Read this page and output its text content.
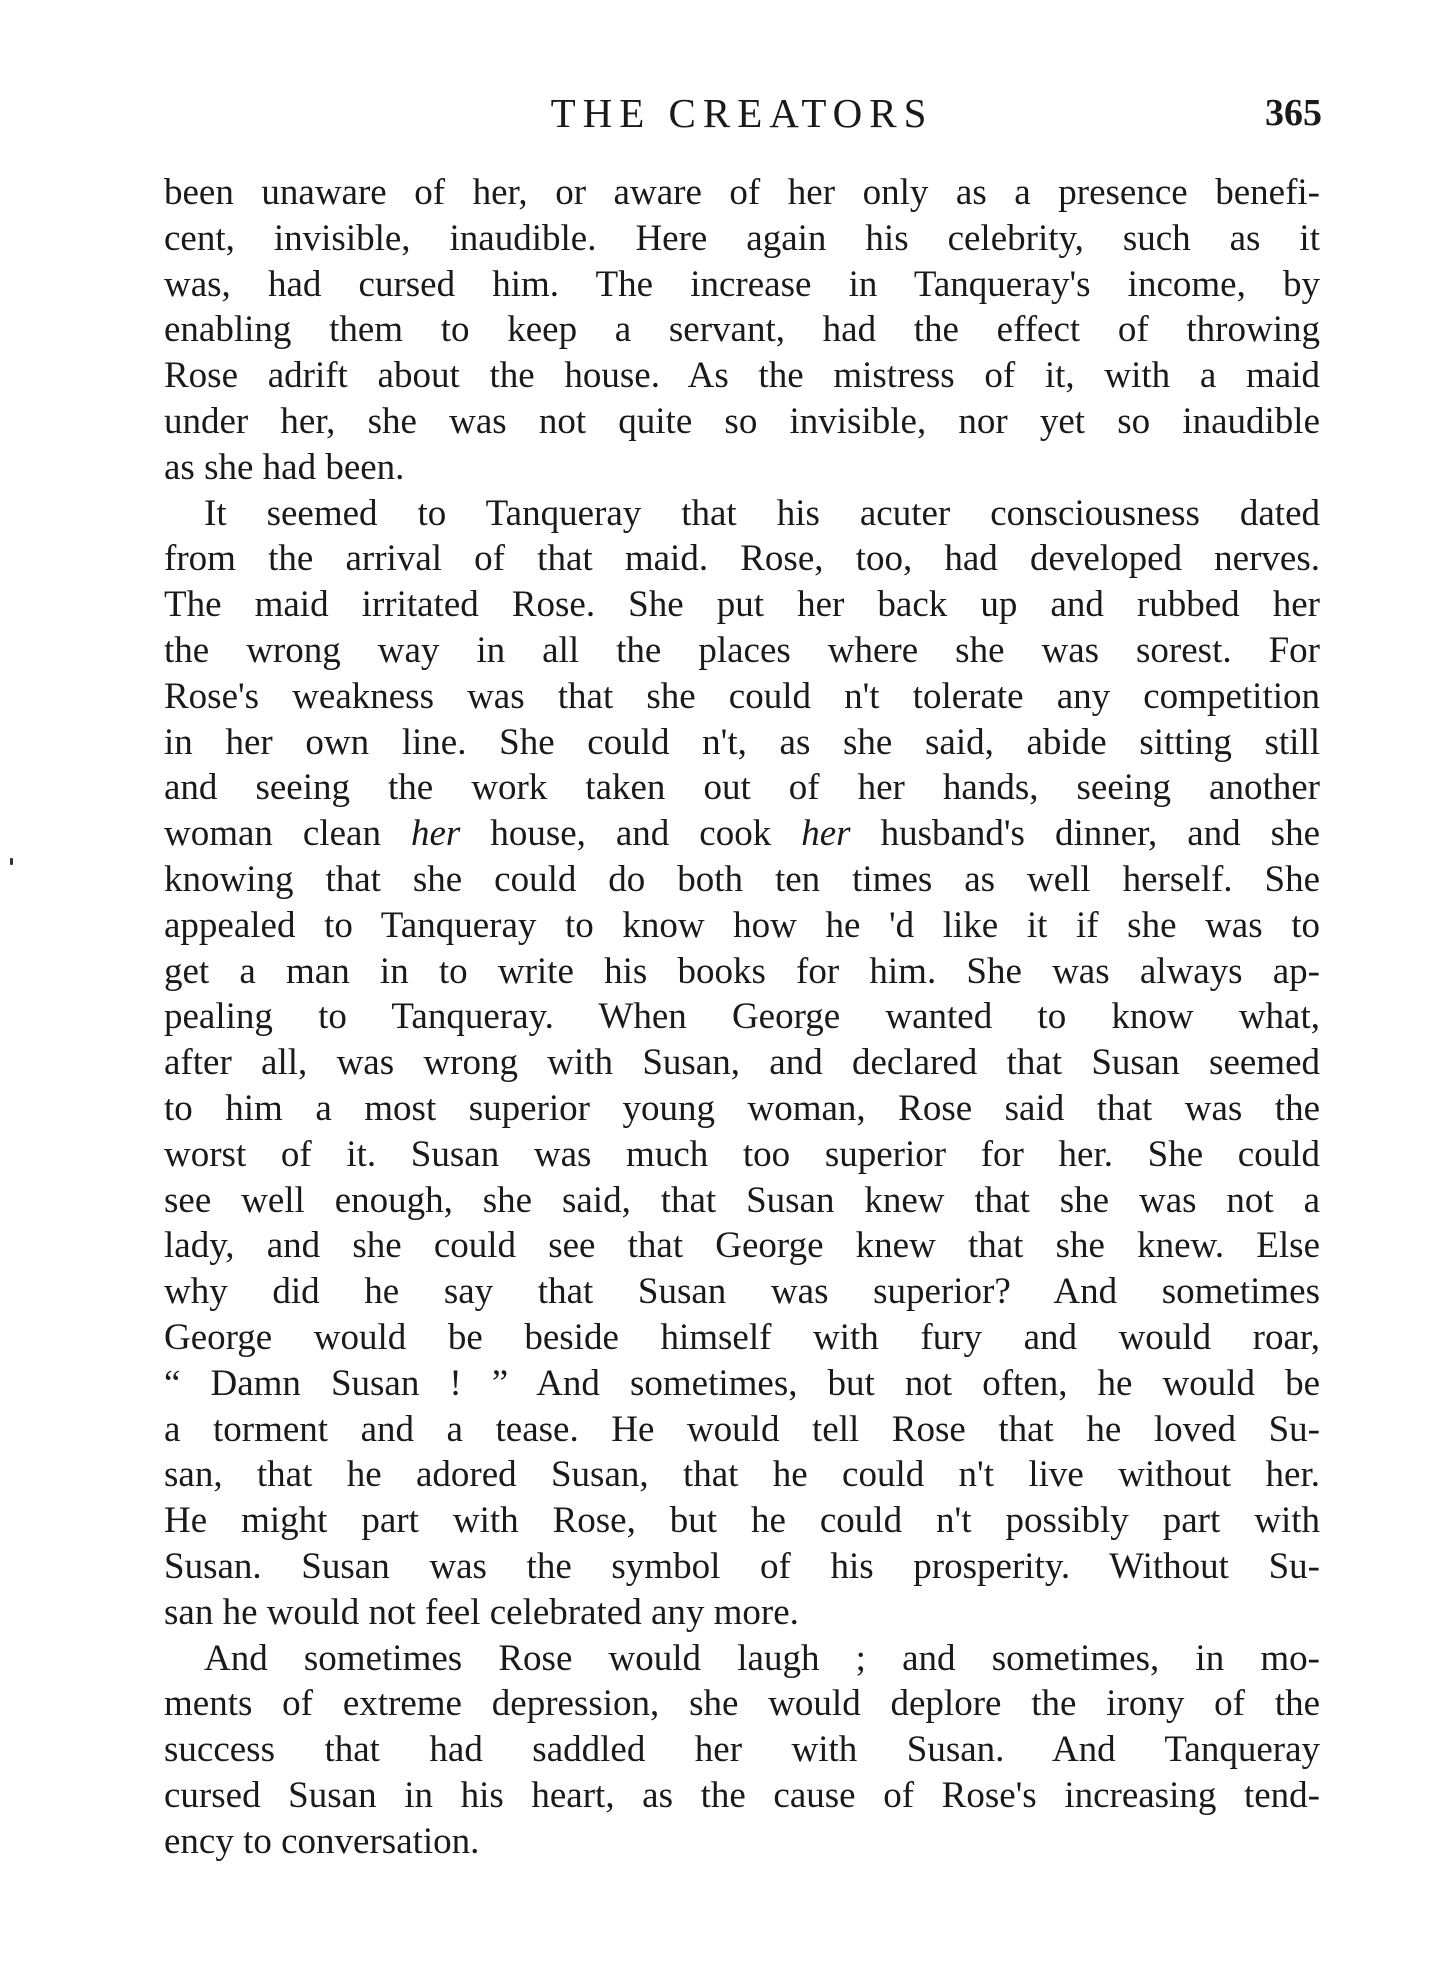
THE CREATORS	365
been unaware of her, or aware of her only as a presence benefi-
cent, invisible, inaudible. Here again his celebrity, such as it
was, had cursed him. The increase in Tanqueray's income, by
enabling them to keep a servant, had the effect of throwing
Rose adrift about the house. As the mistress of it, with a maid
under her, she was not quite so invisible, nor yet so inaudible
as she had been.
It seemed to Tanqueray that his acuter consciousness dated
from the arrival of that maid. Rose, too, had developed nerves.
The maid irritated Rose. She put her back up and rubbed her
the wrong way in all the places where she was sorest. For
Rose's weakness was that she could n't tolerate any competition
in her own line. She could n't, as she said, abide sitting still
and seeing the work taken out of her hands, seeing another
woman clean her house, and cook her husband's dinner, and she
knowing that she could do both ten times as well herself. She
appealed to Tanqueray to know how he 'd like it if she was to
get a man in to write his books for him. She was always ap-
pealing to Tanqueray. When George wanted to know what,
after all, was wrong with Susan, and declared that Susan seemed
to him a most superior young woman, Rose said that was the
worst of it. Susan was much too superior for her. She could
see well enough, she said, that Susan knew that she was not a
lady, and she could see that George knew that she knew. Else
why did he say that Susan was superior? And sometimes
George would be beside himself with fury and would roar,
“ Damn Susan ! ” And sometimes, but not often, he would be
a torment and a tease. He would tell Rose that he loved Su-
san, that he adored Susan, that he could n't live without her.
He might part with Rose, but he could n't possibly part with
Susan. Susan was the symbol of his prosperity. Without Su-
san he would not feel celebrated any more.
And sometimes Rose would laugh ; and sometimes, in mo-
ments of extreme depression, she would deplore the irony of the
success that had saddled her with Susan. And Tanqueray
cursed Susan in his heart, as the cause of Rose's increasing tend-
ency to conversation.
